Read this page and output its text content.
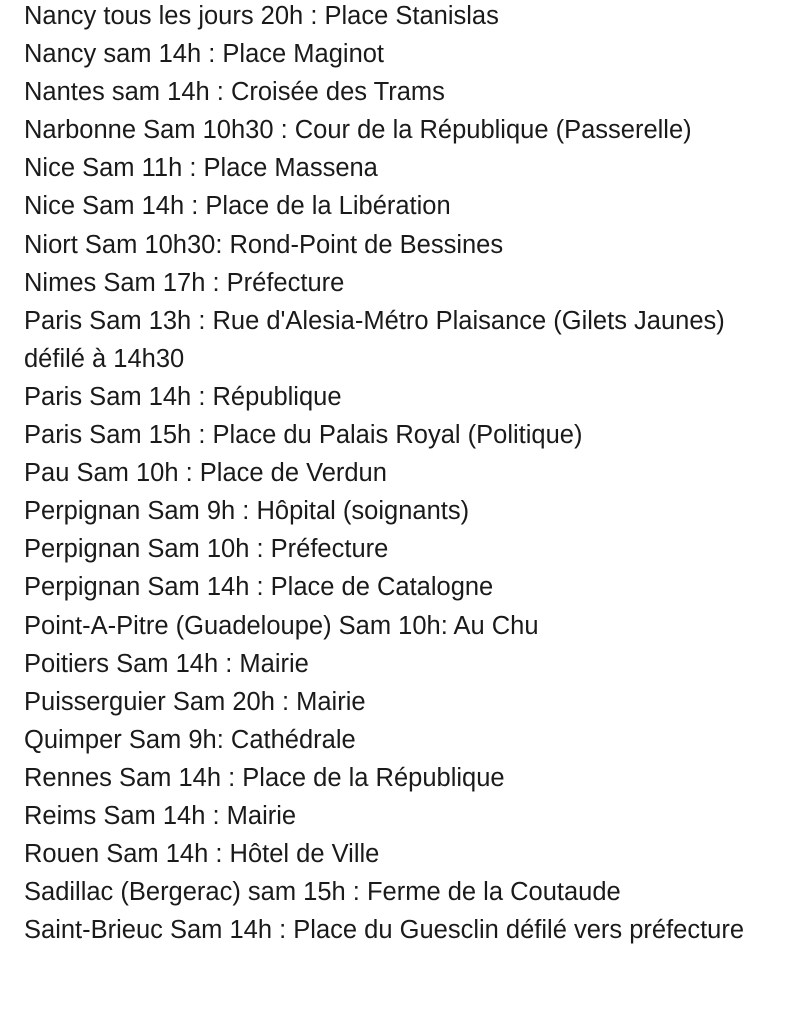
Nancy tous les jours 20h : Place Stanislas
Nancy sam 14h : Place Maginot
Nantes sam 14h : Croisée des Trams
Narbonne Sam 10h30 : Cour de la République (Passerelle)
Nice Sam 11h : Place Massena
Nice Sam 14h : Place de la Libération
Niort Sam 10h30: Rond-Point de Bessines
Nimes Sam 17h : Préfecture
Paris Sam 13h : Rue d'Alesia-Métro Plaisance (Gilets Jaunes) défilé à 14h30
Paris Sam 14h : République
Paris Sam 15h : Place du Palais Royal (Politique)
Pau Sam 10h : Place de Verdun
Perpignan Sam 9h : Hôpital (soignants)
Perpignan Sam 10h : Préfecture
Perpignan Sam 14h : Place de Catalogne
Point-A-Pitre (Guadeloupe) Sam 10h: Au Chu
Poitiers Sam 14h : Mairie
Puisserguier Sam 20h : Mairie
Quimper Sam 9h: Cathédrale
Rennes Sam 14h : Place de la République
Reims Sam 14h : Mairie
Rouen Sam 14h : Hôtel de Ville
Sadillac (Bergerac) sam 15h : Ferme de la Coutaude
Saint-Brieuc Sam 14h : Place du Guesclin défilé vers préfecture
